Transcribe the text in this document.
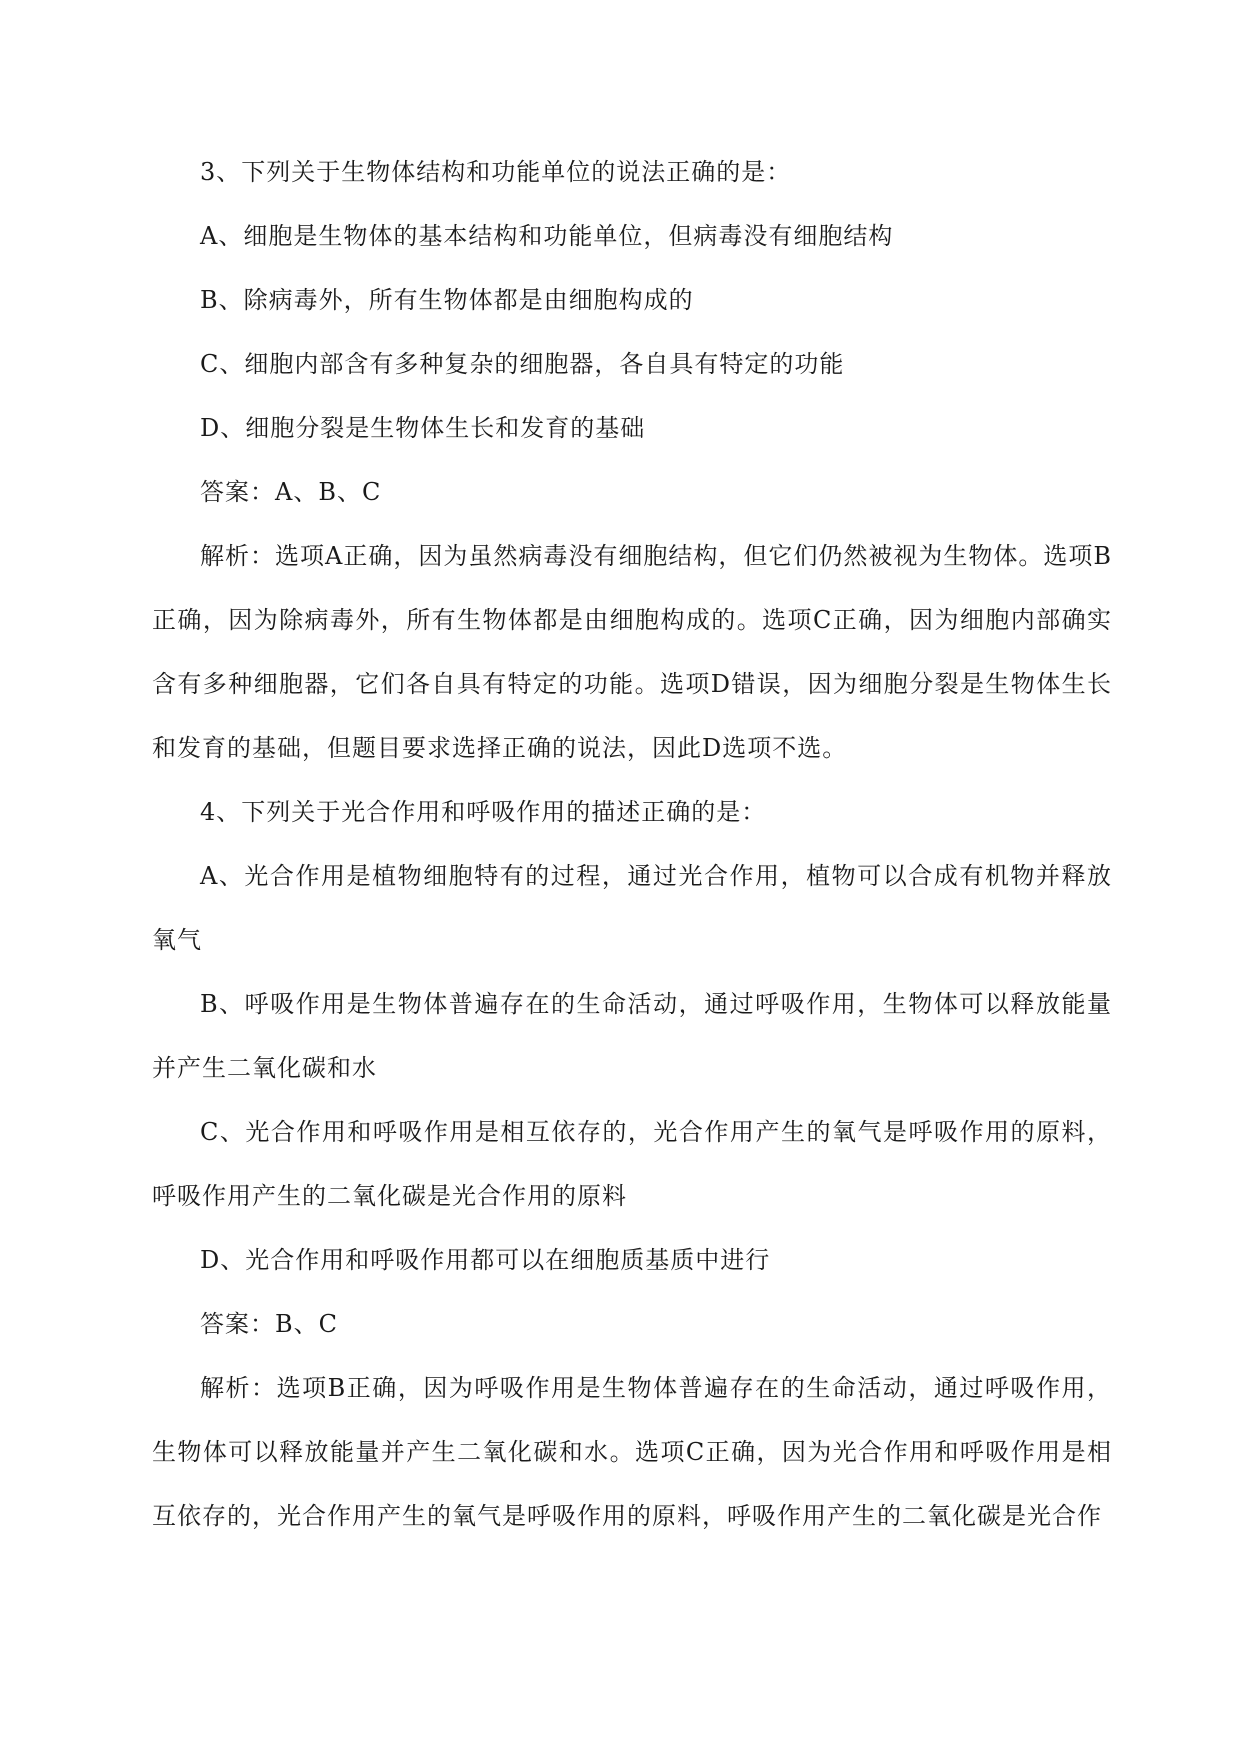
3、下列关于生物体结构和功能单位的说法正确的是：

A、细胞是生物体的基本结构和功能单位，但病毒没有细胞结构

B、除病毒外，所有生物体都是由细胞构成的

C、细胞内部含有多种复杂的细胞器，各自具有特定的功能

D、细胞分裂是生物体生长和发育的基础

答案：A、B、C

解析：选项A正确，因为虽然病毒没有细胞结构，但它们仍然被视为生物体。选项B正确，因为除病毒外，所有生物体都是由细胞构成的。选项C正确，因为细胞内部确实含有多种细胞器，它们各自具有特定的功能。选项D错误，因为细胞分裂是生物体生长和发育的基础，但题目要求选择正确的说法，因此D选项不选。

4、下列关于光合作用和呼吸作用的描述正确的是：

A、光合作用是植物细胞特有的过程，通过光合作用，植物可以合成有机物并释放氧气

B、呼吸作用是生物体普遍存在的生命活动，通过呼吸作用，生物体可以释放能量并产生二氧化碳和水

C、光合作用和呼吸作用是相互依存的，光合作用产生的氧气是呼吸作用的原料，呼吸作用产生的二氧化碳是光合作用的原料

D、光合作用和呼吸作用都可以在细胞质基质中进行

答案：B、C

解析：选项B正确，因为呼吸作用是生物体普遍存在的生命活动，通过呼吸作用，生物体可以释放能量并产生二氧化碳和水。选项C正确，因为光合作用和呼吸作用是相互依存的，光合作用产生的氧气是呼吸作用的原料，呼吸作用产生的二氧化碳是光合作
